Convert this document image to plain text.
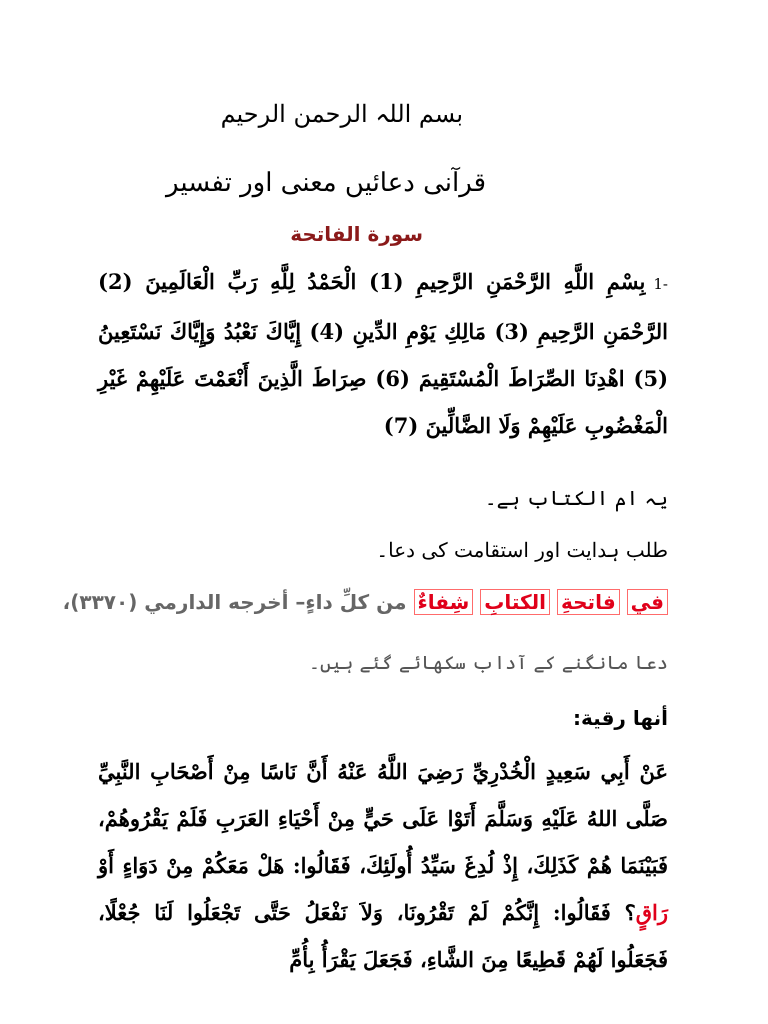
بسم اللہ الرحمن الرحیم
قرآنی دعائیں معنی اور تفسیر
سورة الفاتحة
-1بِسْمِ اللَّهِ الرَّحْمَنِ الرَّحِيمِ (1) الْحَمْدُ لِلَّهِ رَبِّ الْعَالَمِينَ (2) الرَّحْمَنِ الرَّحِيمِ (3) مَالِكِ يَوْمِ الدِّينِ (4) إِيَّاكَ نَعْبُدُ وَإِيَّاكَ نَسْتَعِينُ (5) اهْدِنَا الصِّرَاطَ الْمُسْتَقِيمَ (6) صِرَاطَ الَّذِينَ أَنْعَمْتَ عَلَيْهِمْ غَيْرِ الْمَغْضُوبِ عَلَيْهِمْ وَلَا الضَّالِّينَ (7)
یہ ام الکتاب ہے۔
طلب ہدایت اور استقامت کی دعا۔
في فاتحةِ الكتابِ شِفاءٌ من كلِّ داءٍ– أخرجه الدارمي (٣٣٧٠)،
دعا مانگنے کے آداب سکھائے گئے ہیں۔
أنها رقية:
عَنْ أَبِي سَعِيدٍ الْخُدْرِيِّ رَضِيَ اللَّهُ عَنْهُ أَنَّ نَاسًا مِنْ أَصْحَابِ النَّبِيِّ صَلَّى اللهُ عَلَيْهِ وَسَلَّمَ أَتَوْا عَلَى حَيٍّ مِنْ أَحْيَاءِ العَرَبِ فَلَمْ يَقْرُوهُمْ، فَبَيْنَمَا هُمْ كَذَلِكَ، إِذْ لُدِغَ سَيِّدُ أُولَئِكَ، فَقَالُوا: هَلْ مَعَكُمْ مِنْ دَوَاءٍ أَوْ رَاقٍ؟ فَقَالُوا: إِنَّكُمْ لَمْ تَقْرُونَا، وَلاَ نَفْعَلُ حَتَّى تَجْعَلُوا لَنَا جُعْلًا، فَجَعَلُوا لَهُمْ قَطِيعًا مِنَ الشَّاءِ، فَجَعَلَ يَقْرَأُ بِأُمِّ
